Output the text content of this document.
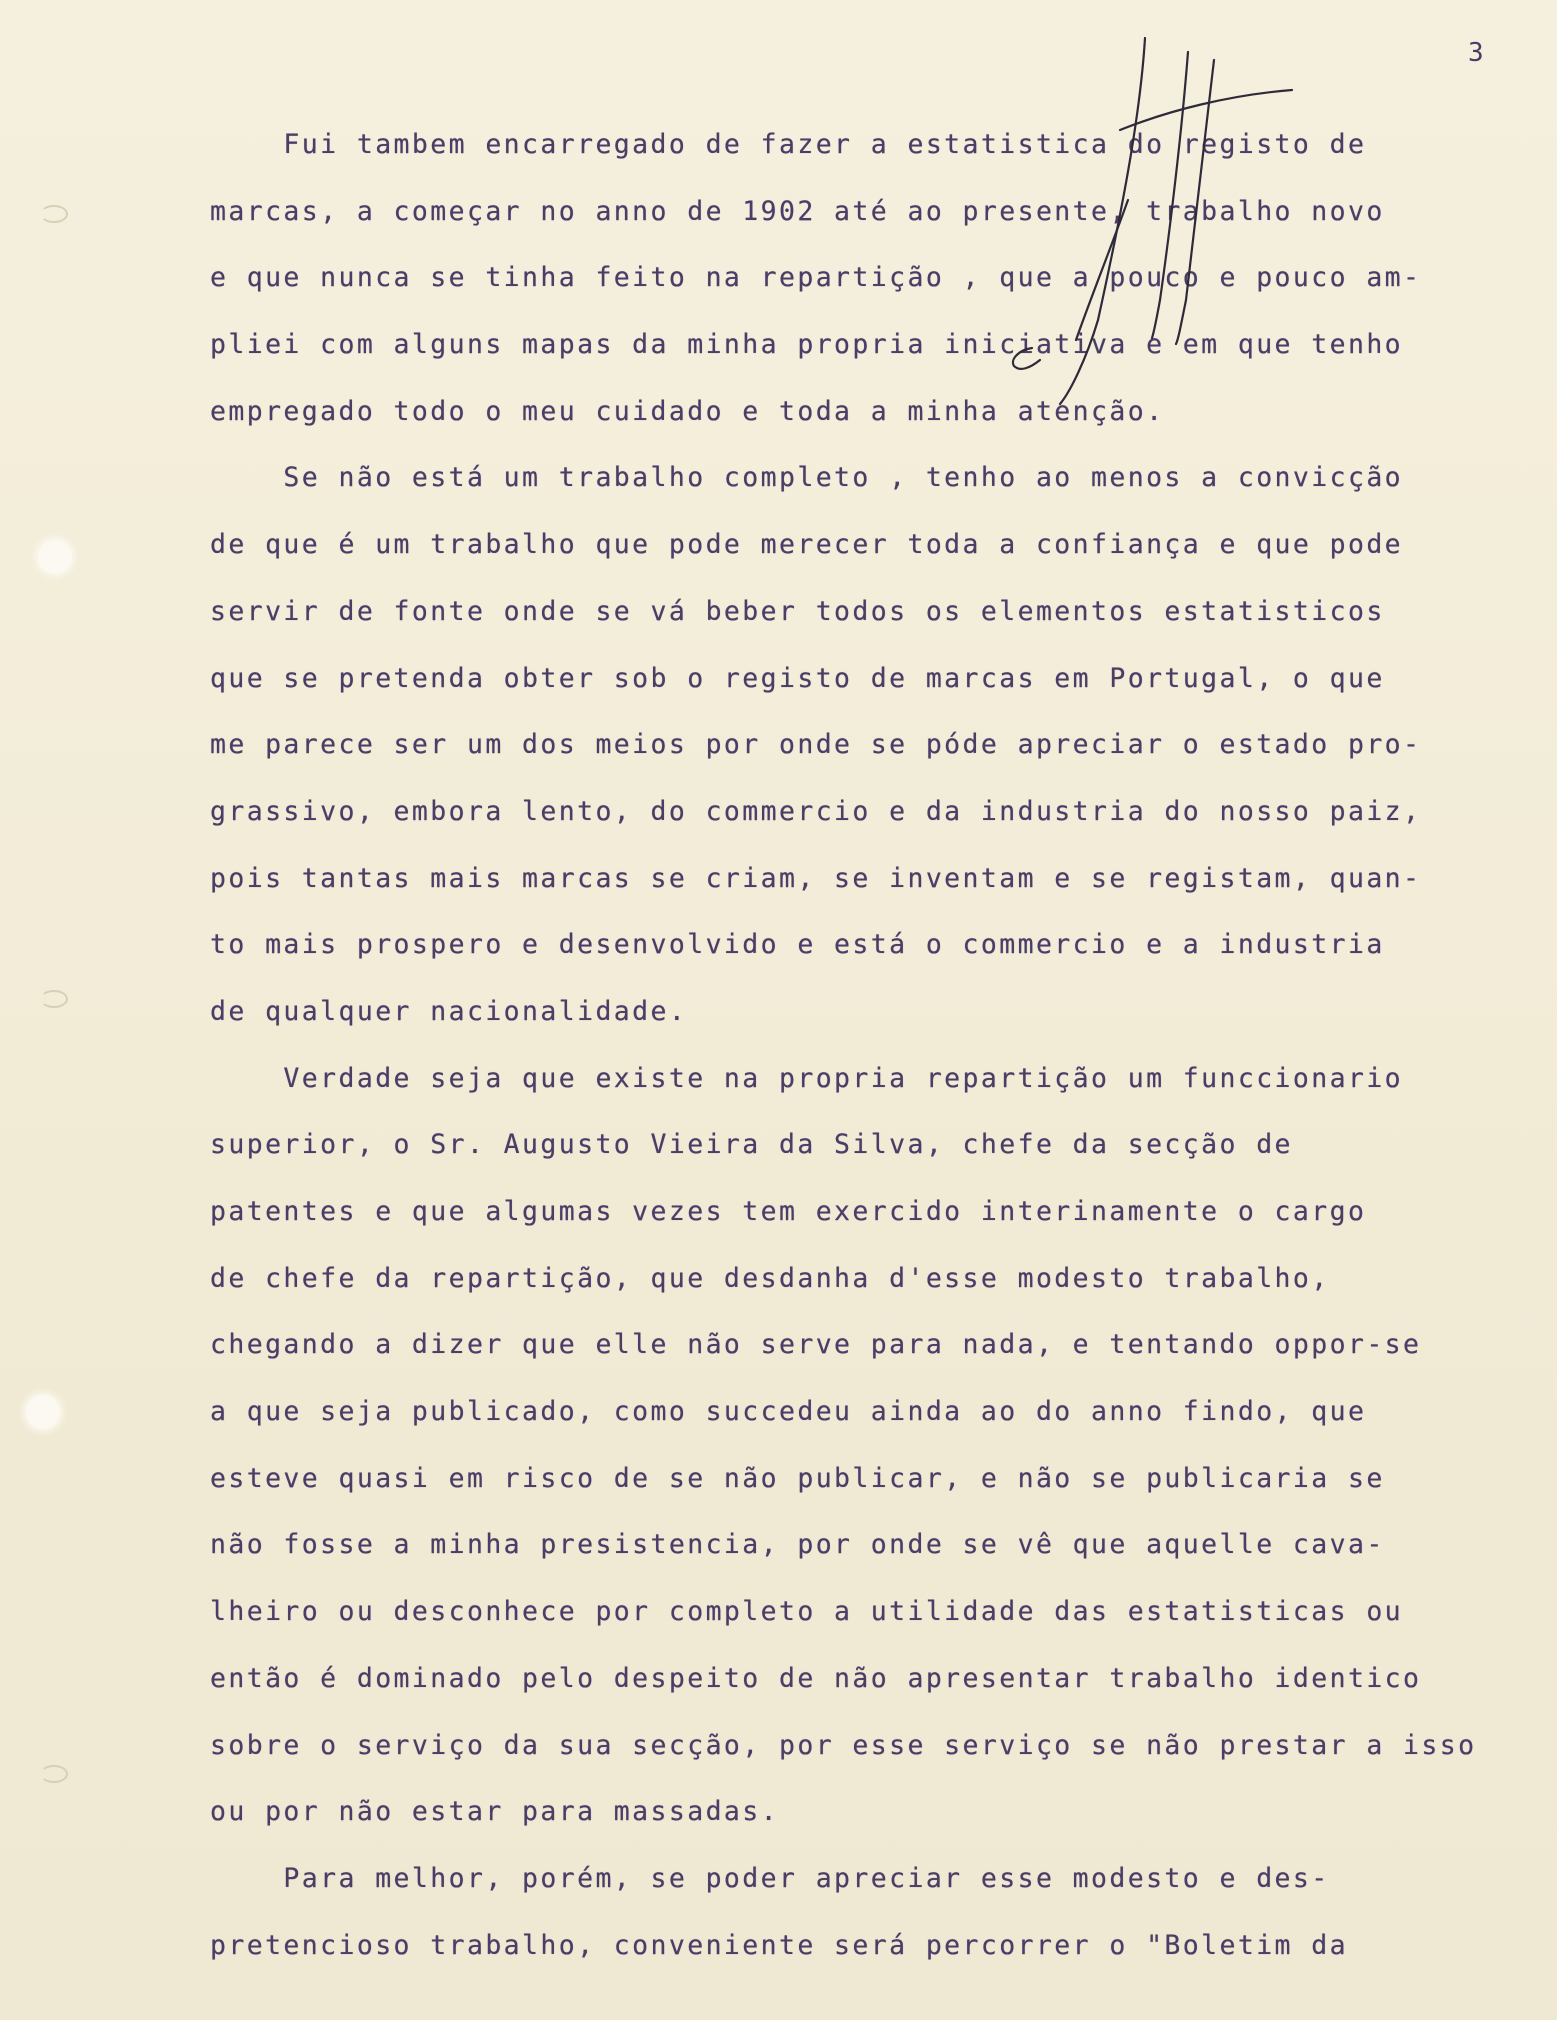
3
Fui tambem encarregado de fazer a estatistica do registo de
marcas, a começar no anno de 1902 até ao presente, trabalho novo
e que nunca se tinha feito na repartição , que a pouco e pouco am-
pliei com alguns mapas da minha propria iniciativa e em que tenho
empregado todo o meu cuidado e toda a minha atenção.
Se não está um trabalho completo , tenho ao menos a convicção
de que é um trabalho que pode merecer toda a confiança e que pode
servir de fonte onde se vá beber todos os elementos estatisticos
que se pretenda obter sob o registo de marcas em Portugal, o que
me parece ser um dos meios por onde se póde apreciar o estado pro-
grassivo, embora lento, do commercio e da industria do nosso paiz,
pois tantas mais marcas se criam, se inventam e se registam, quan-
to mais prospero e desenvolvido e está o commercio e a industria
de qualquer nacionalidade.
Verdade seja que existe na propria repartição um funccionario
superior, o Sr. Augusto Vieira da Silva, chefe da secção de
patentes e que algumas vezes tem exercido interinamente o cargo
de chefe da repartição, que desdanha d'esse modesto trabalho,
chegando a dizer que elle não serve para nada, e tentando oppor-se
a que seja publicado, como succedeu ainda ao do anno findo, que
esteve quasi em risco de se não publicar, e não se publicaria se
não fosse a minha presistencia, por onde se vê que aquelle cava-
lheiro ou desconhece por completo a utilidade das estatisticas ou
então é dominado pelo despeito de não apresentar trabalho identico
sobre o serviço da sua secção, por esse serviço se não prestar a isso
ou por não estar para massadas.
Para melhor, porém, se poder apreciar esse modesto e des-
pretencioso trabalho, conveniente será percorrer o "Boletim da
